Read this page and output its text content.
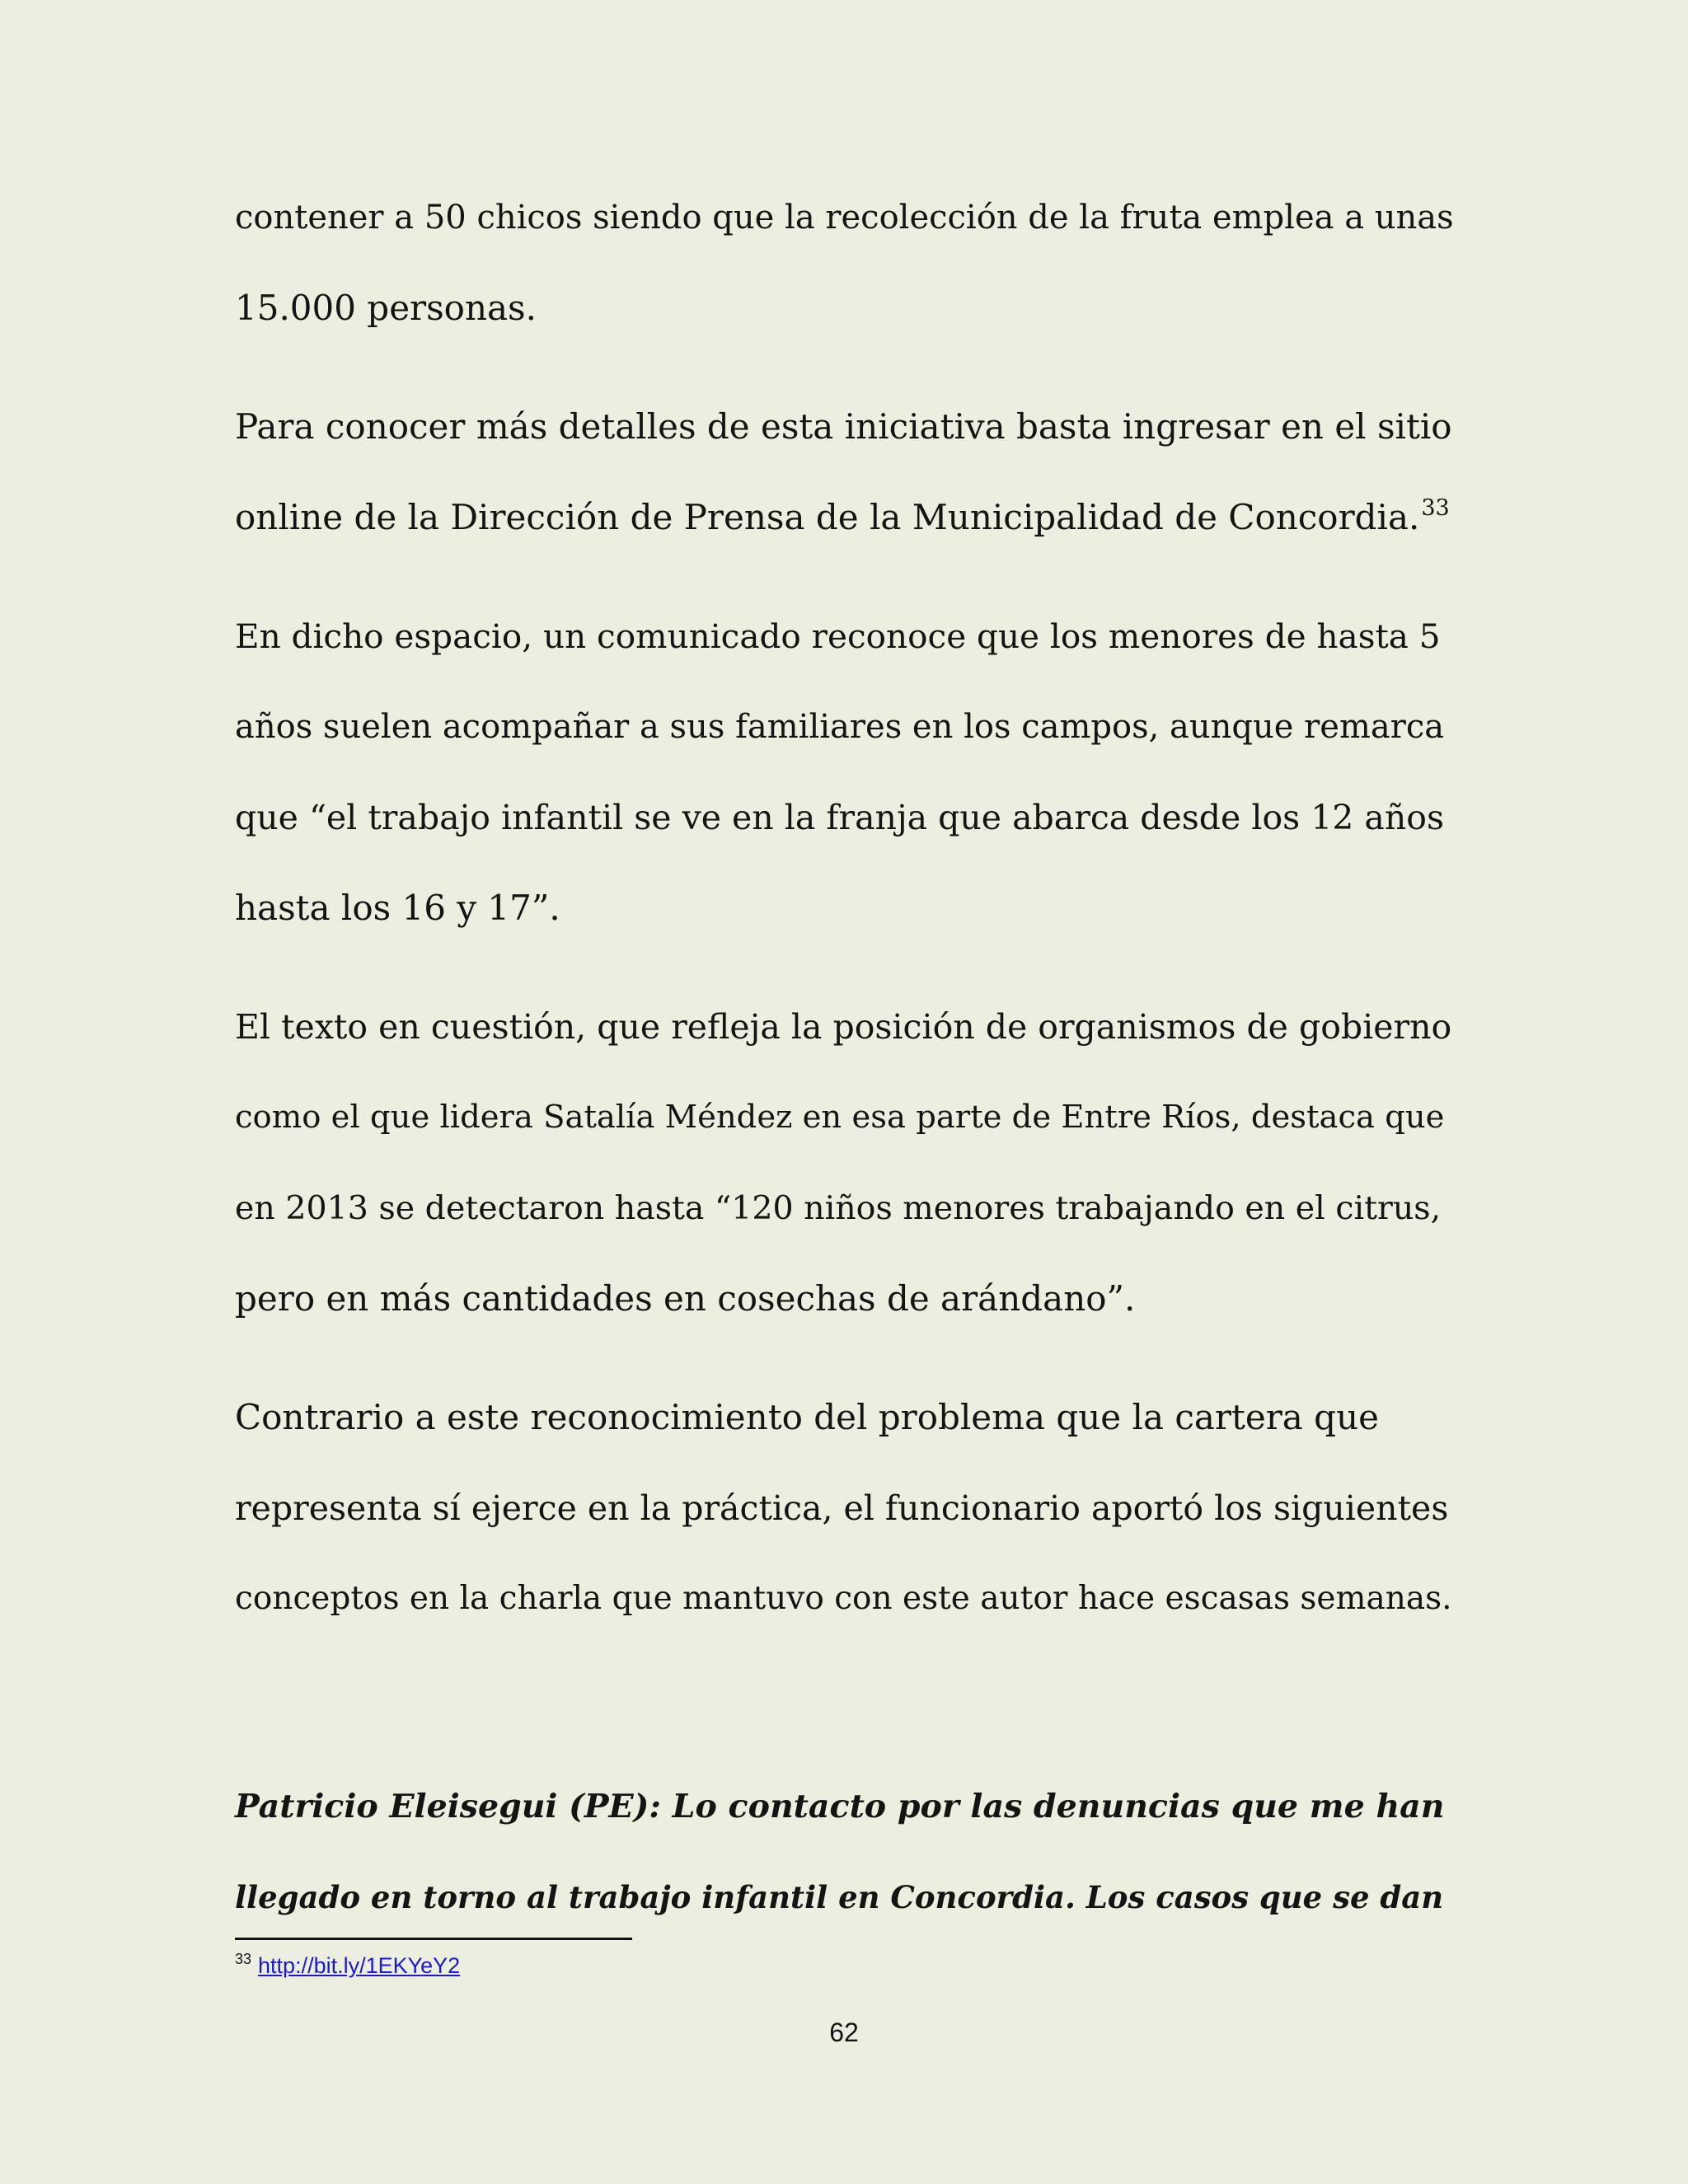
contener a 50 chicos siendo que la recolección de la fruta emplea a unas
15.000 personas.
Para conocer más detalles de esta iniciativa basta ingresar en el sitio
online de la Dirección de Prensa de la Municipalidad de Concordia.$^{33}$
En dicho espacio, un comunicado reconoce que los menores de hasta 5
años suelen acompañar a sus familiares en los campos, aunque remarca
que “el trabajo infantil se ve en la franja que abarca desde los 12 años
hasta los 16 y 17”.
El texto en cuestión, que refleja la posición de organismos de gobierno
como el que lidera Satalía Méndez en esa parte de Entre Ríos, destaca que
en 2013 se detectaron hasta “120 niños menores trabajando en el citrus,
pero en más cantidades en cosechas de arándano”.
Contrario a este reconocimiento del problema que la cartera que
representa sí ejerce en la práctica, el funcionario aportó los siguientes
conceptos en la charla que mantuvo con este autor hace escasas semanas.
Patricio Eleisegui (PE): Lo contacto por las denuncias que me han
llegado en torno al trabajo infantil en Concordia. Los casos que se dan
$^{33}$ http://bit.ly/1EKYeY2
62
